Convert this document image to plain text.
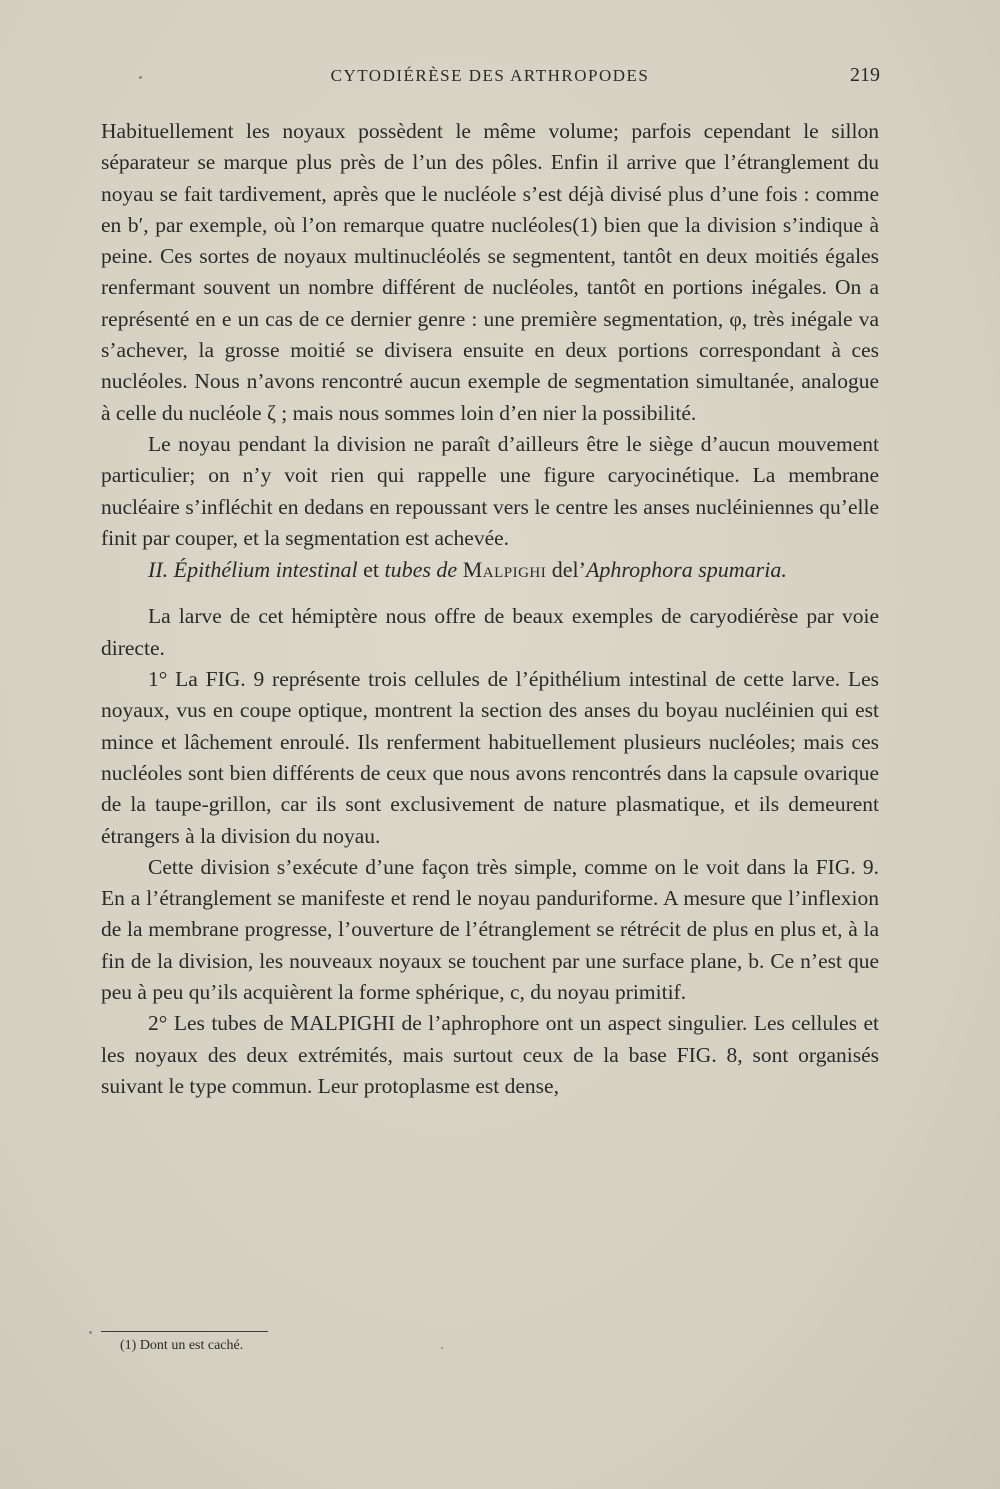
CYTODIÉRÈSE DES ARTHROPODES	219

Habituellement les noyaux possèdent le même volume; parfois cependant le sillon séparateur se marque plus près de l’un des pôles. Enfin il arrive que l’étranglement du noyau se fait tardivement, après que le nucléole s’est déjà divisé plus d’une fois : comme en b′, par exemple, où l’on remarque quatre nucléoles(1) bien que la division s’indique à peine. Ces sortes de noyaux multinucléolés se segmentent, tantôt en deux moitiés égales renfermant souvent un nombre différent de nucléoles, tantôt en portions inégales. On a représenté en e un cas de ce dernier genre : une première segmentation, φ, très inégale va s’achever, la grosse moitié se divisera ensuite en deux portions correspondant à ces nucléoles. Nous n’avons rencontré aucun exemple de segmentation simultanée, analogue à celle du nucléole ζ ; mais nous sommes loin d’en nier la possibilité.

Le noyau pendant la division ne paraît d’ailleurs être le siège d’aucun mouvement particulier; on n’y voit rien qui rappelle une figure caryocinétique. La membrane nucléaire s’infléchit en dedans en repoussant vers le centre les anses nucléiniennes qu’elle finit par couper, et la segmentation est achevée.

II. Épithélium intestinal et tubes de Malpighi del’Aphrophora spumaria.

La larve de cet hémiptère nous offre de beaux exemples de caryodiérèse par voie directe.

1° La FIG. 9 représente trois cellules de l’épithélium intestinal de cette larve. Les noyaux, vus en coupe optique, montrent la section des anses du boyau nucléinien qui est mince et lâchement enroulé. Ils renferment habituellement plusieurs nucléoles; mais ces nucléoles sont bien différents de ceux que nous avons rencontrés dans la capsule ovarique de la taupe-grillon, car ils sont exclusivement de nature plasmatique, et ils demeurent étrangers à la division du noyau.

Cette division s’exécute d’une façon très simple, comme on le voit dans la FIG. 9. En a l’étranglement se manifeste et rend le noyau panduriforme. A mesure que l’inflexion de la membrane progresse, l’ouverture de l’étranglement se rétrécit de plus en plus et, à la fin de la division, les nouveaux noyaux se touchent par une surface plane, b. Ce n’est que peu à peu qu’ils acquièrent la forme sphérique, c, du noyau primitif.

2° Les tubes de MALPIGHI de l’aphrophore ont un aspect singulier. Les cellules et les noyaux des deux extrémités, mais surtout ceux de la base FIG. 8, sont organisés suivant le type commun. Leur protoplasme est dense,

(1) Dont un est caché.
